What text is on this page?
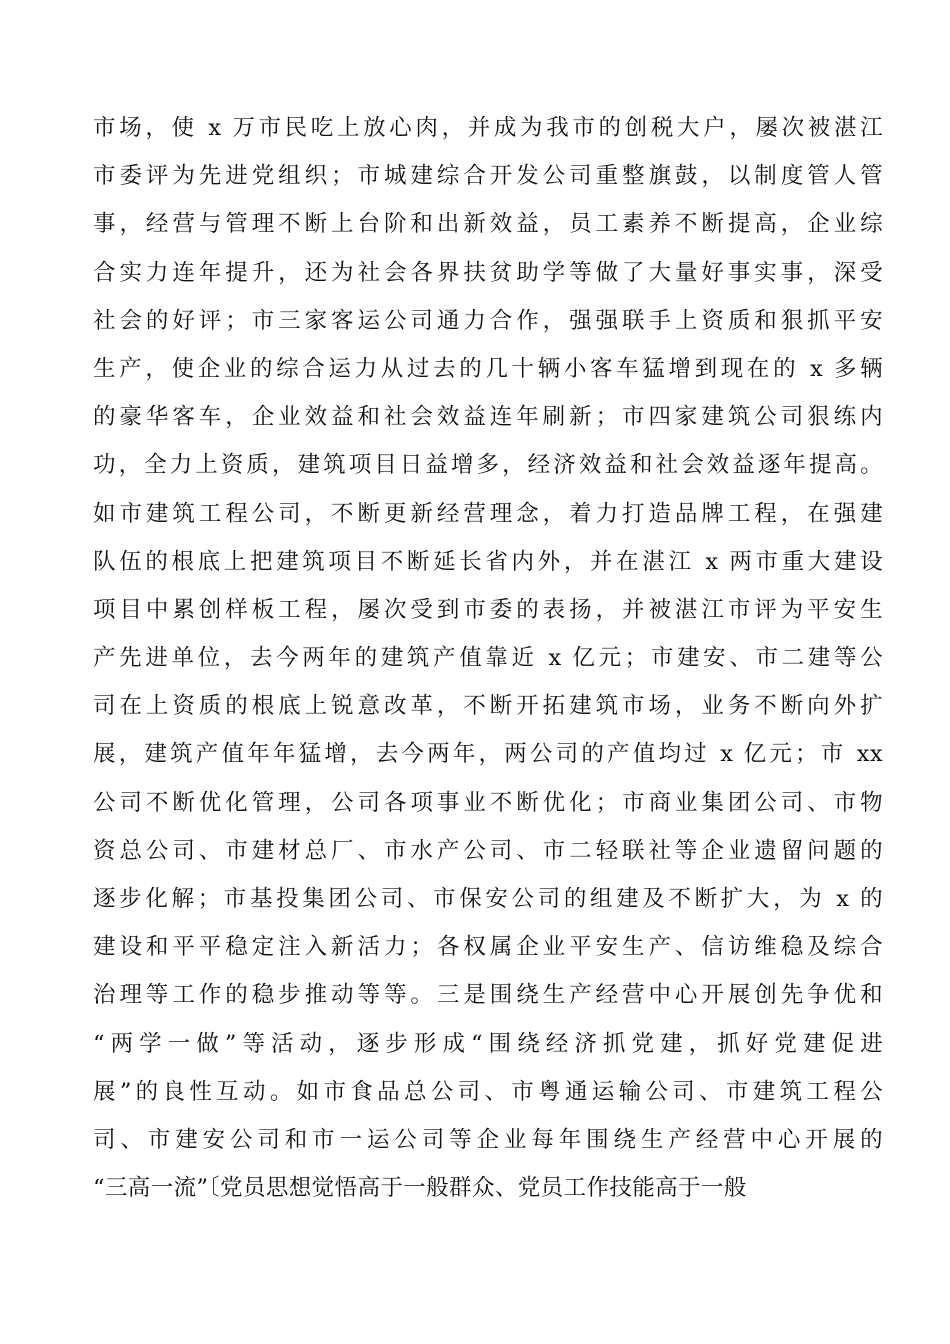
市场，使 x 万市民吃上放心肉，并成为我市的创税大户，屡次被湛江
市委评为先进党组织；市城建综合开发公司重整旗鼓，以制度管人管
事，经营与管理不断上台阶和出新效益，员工素养不断提高，企业综
合实力连年提升，还为社会各界扶贫助学等做了大量好事实事，深受
社会的好评；市三家客运公司通力合作，强强联手上资质和狠抓平安
生产，使企业的综合运力从过去的几十辆小客车猛增到现在的 x 多辆
的豪华客车，企业效益和社会效益连年刷新；市四家建筑公司狠练内
功，全力上资质，建筑项目日益增多，经济效益和社会效益逐年提高。
如市建筑工程公司，不断更新经营理念，着力打造品牌工程，在强建
队伍的根底上把建筑项目不断延长省内外，并在湛江 x 两市重大建设
项目中累创样板工程，屡次受到市委的表扬，并被湛江市评为平安生
产先进单位，去今两年的建筑产值靠近 x 亿元；市建安、市二建等公
司在上资质的根底上锐意改革，不断开拓建筑市场，业务不断向外扩
展，建筑产值年年猛增，去今两年，两公司的产值均过 x 亿元；市 xx
公司不断优化管理，公司各项事业不断优化；市商业集团公司、市物
资总公司、市建材总厂、市水产公司、市二轻联社等企业遗留问题的
逐步化解；市基投集团公司、市保安公司的组建及不断扩大，为 x 的
建设和平平稳定注入新活力；各权属企业平安生产、信访维稳及综合
治理等工作的稳步推动等等。三是围绕生产经营中心开展创先争优和
“两学一做”等活动，逐步形成“围绕经济抓党建，抓好党建促进
展”的良性互动。如市食品总公司、市粤通运输公司、市建筑工程公
司、市建安公司和市一运公司等企业每年围绕生产经营中心开展的
“三高一流”〔党员思想觉悟高于一般群众、党员工作技能高于一般
